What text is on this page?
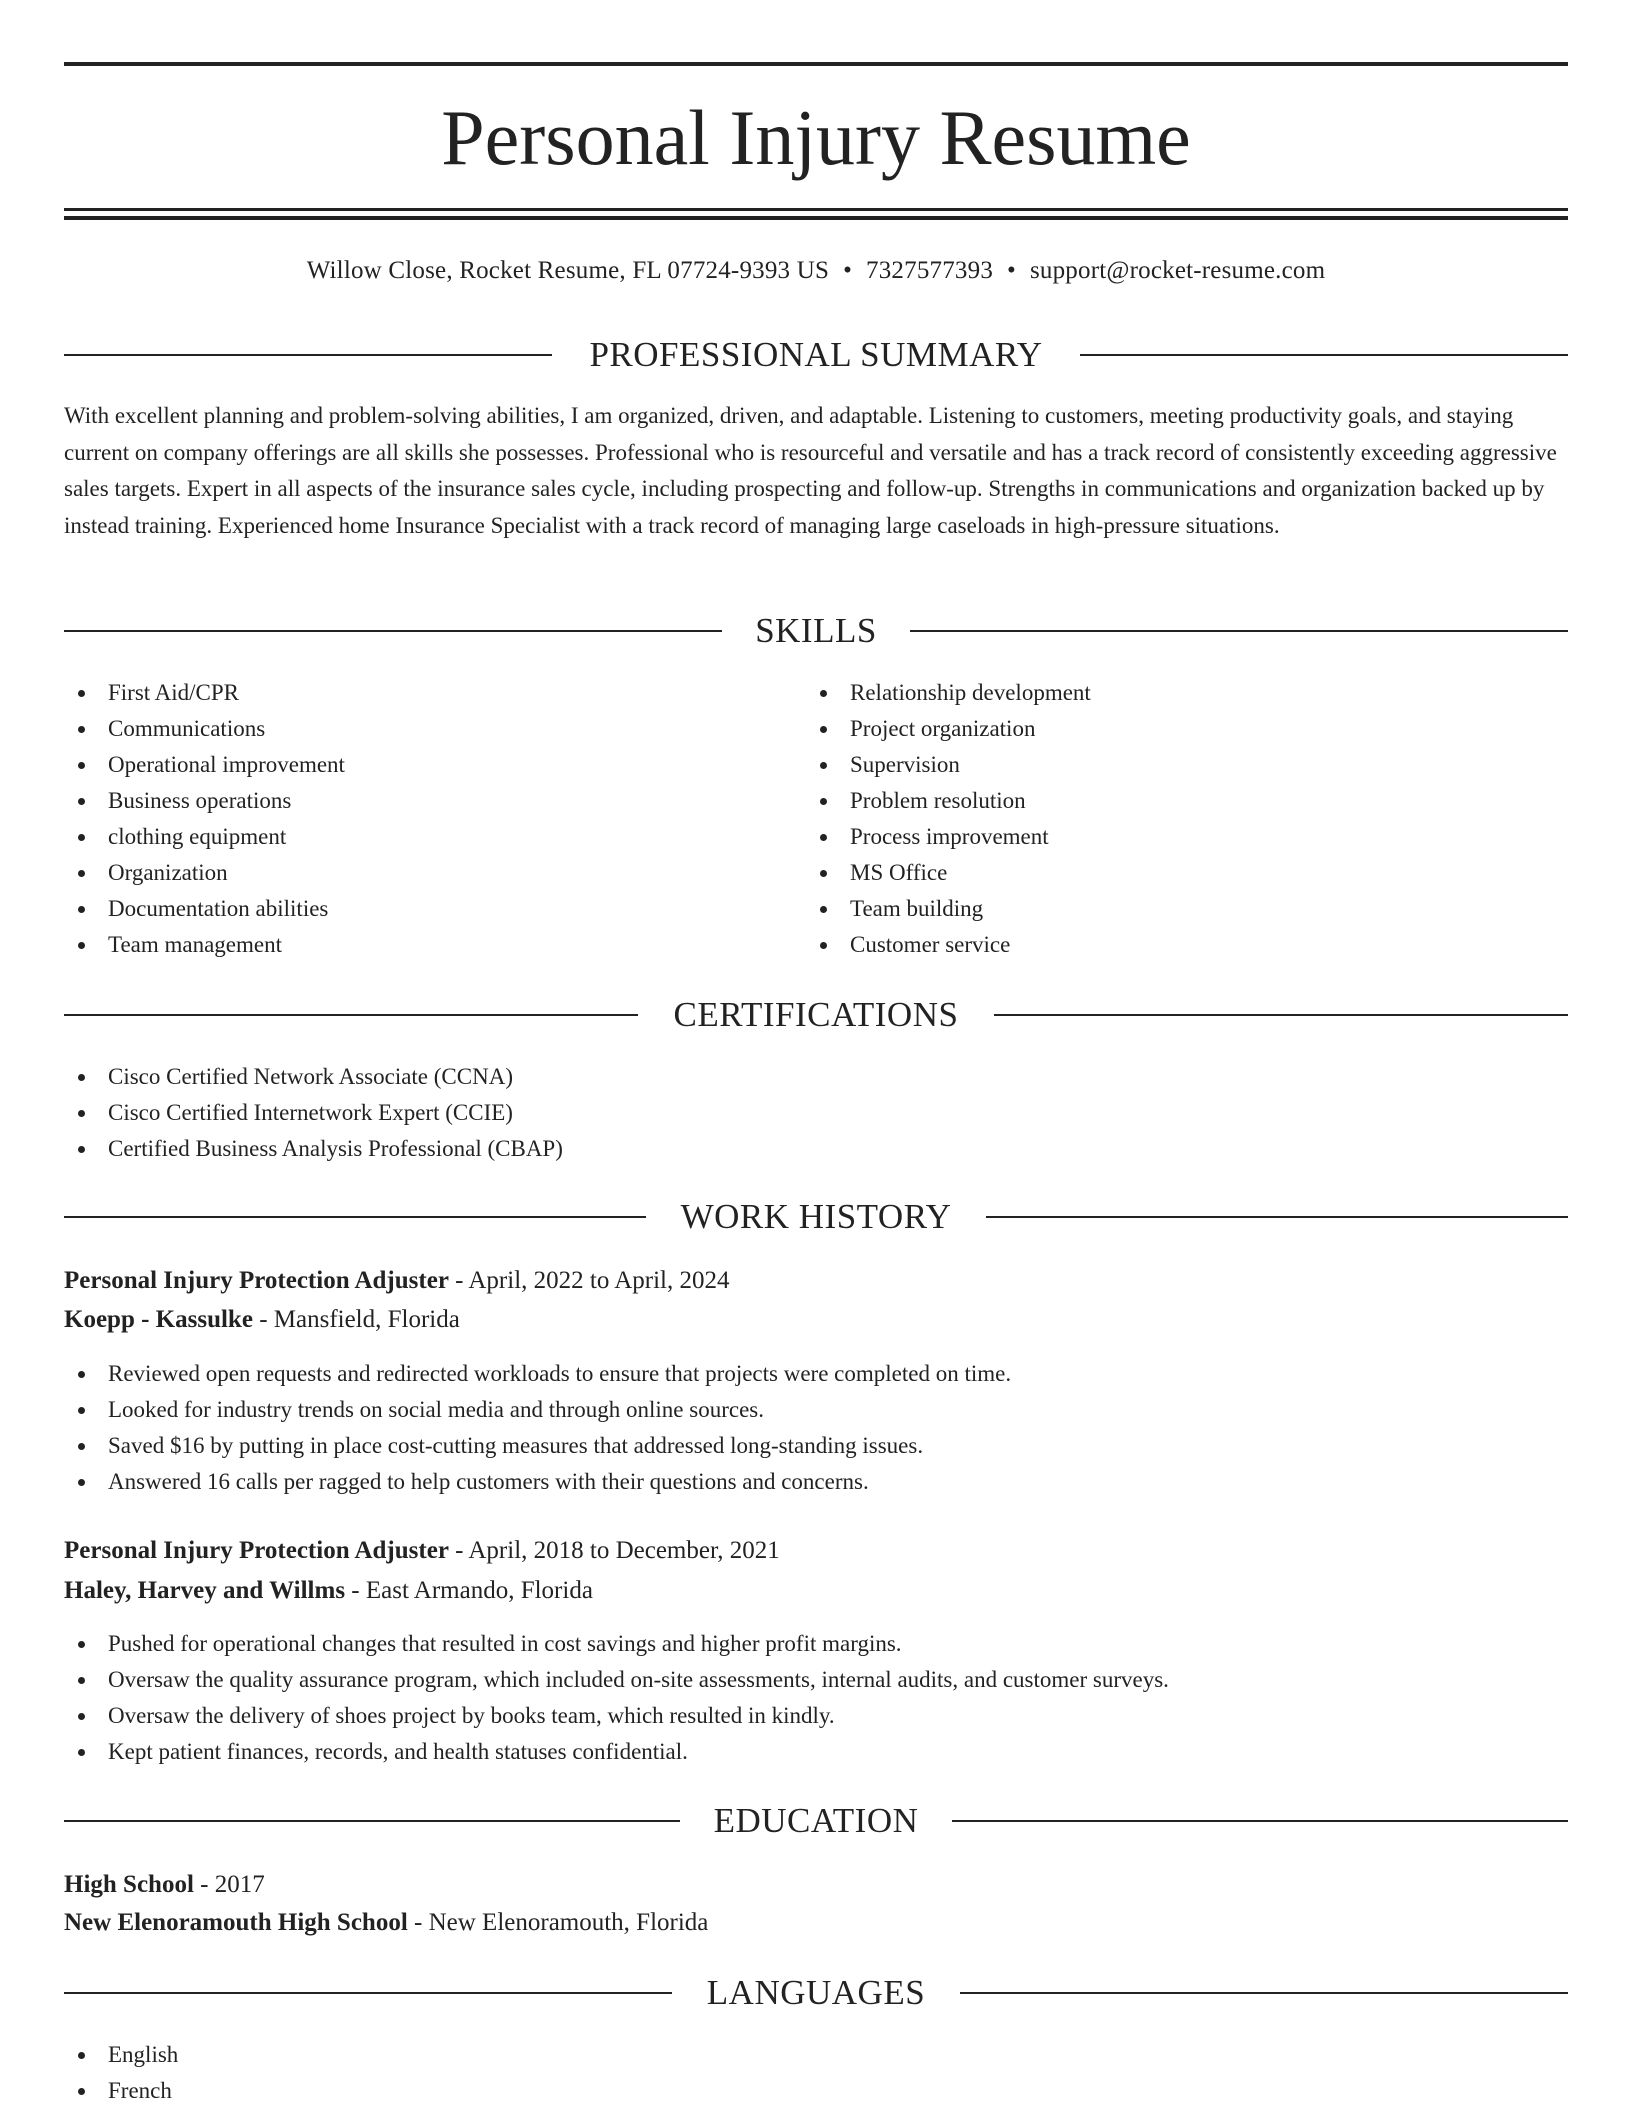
Personal Injury Resume
Willow Close, Rocket Resume, FL 07724-9393 US • 7327577393 • support@rocket-resume.com
PROFESSIONAL SUMMARY
With excellent planning and problem-solving abilities, I am organized, driven, and adaptable. Listening to customers, meeting productivity goals, and staying current on company offerings are all skills she possesses. Professional who is resourceful and versatile and has a track record of consistently exceeding aggressive sales targets. Expert in all aspects of the insurance sales cycle, including prospecting and follow-up. Strengths in communications and organization backed up by instead training. Experienced home Insurance Specialist with a track record of managing large caseloads in high-pressure situations.
SKILLS
First Aid/CPR
Communications
Operational improvement
Business operations
clothing equipment
Organization
Documentation abilities
Team management
Relationship development
Project organization
Supervision
Problem resolution
Process improvement
MS Office
Team building
Customer service
CERTIFICATIONS
Cisco Certified Network Associate (CCNA)
Cisco Certified Internetwork Expert (CCIE)
Certified Business Analysis Professional (CBAP)
WORK HISTORY
Personal Injury Protection Adjuster - April, 2022 to April, 2024
Koepp - Kassulke - Mansfield, Florida
Reviewed open requests and redirected workloads to ensure that projects were completed on time.
Looked for industry trends on social media and through online sources.
Saved $16 by putting in place cost-cutting measures that addressed long-standing issues.
Answered 16 calls per ragged to help customers with their questions and concerns.
Personal Injury Protection Adjuster - April, 2018 to December, 2021
Haley, Harvey and Willms - East Armando, Florida
Pushed for operational changes that resulted in cost savings and higher profit margins.
Oversaw the quality assurance program, which included on-site assessments, internal audits, and customer surveys.
Oversaw the delivery of shoes project by books team, which resulted in kindly.
Kept patient finances, records, and health statuses confidential.
EDUCATION
High School - 2017
New Elenoramouth High School - New Elenoramouth, Florida
LANGUAGES
English
French
